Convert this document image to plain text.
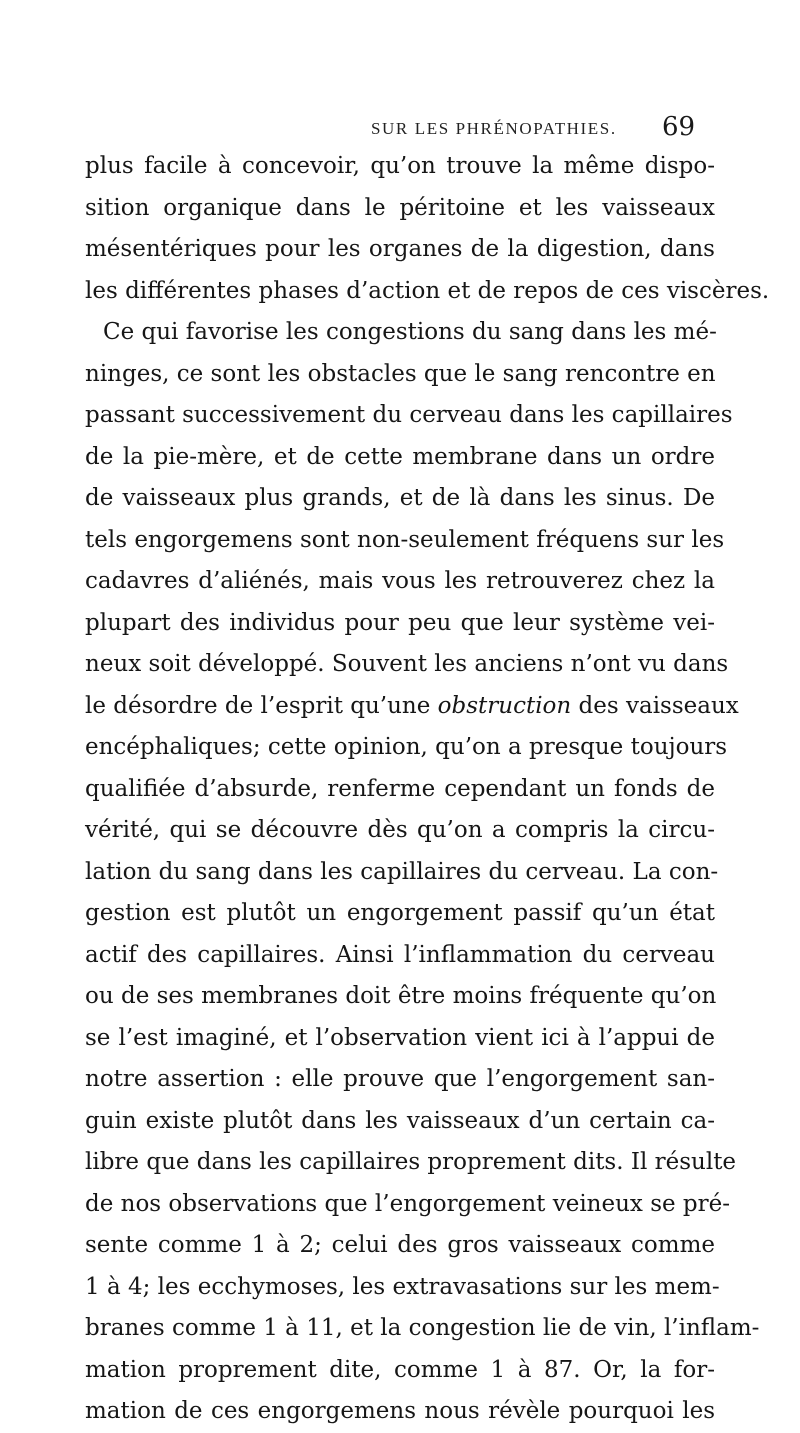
SUR LES PHRÉNOPATHIES. 69
plus facile à concevoir, qu’on trouve la même dispo-
sition organique dans le péritoine et les vaisseaux
mésentériques pour les organes de la digestion, dans
les différentes phases d’action et de repos de ces viscères.
Ce qui favorise les congestions du sang dans les mé-
ninges, ce sont les obstacles que le sang rencontre en
passant successivement du cerveau dans les capillaires
de la pie-mère, et de cette membrane dans un ordre
de vaisseaux plus grands, et de là dans les sinus. De
tels engorgemens sont non-seulement fréquens sur les
cadavres d’aliénés, mais vous les retrouverez chez la
plupart des individus pour peu que leur système vei-
neux soit développé. Souvent les anciens n’ont vu dans
le désordre de l’esprit qu’une obstruction des vaisseaux
encéphaliques; cette opinion, qu’on a presque toujours
qualifiée d’absurde, renferme cependant un fonds de
vérité, qui se découvre dès qu’on a compris la circu-
lation du sang dans les capillaires du cerveau. La con-
gestion est plutôt un engorgement passif qu’un état
actif des capillaires. Ainsi l’inflammation du cerveau
ou de ses membranes doit être moins fréquente qu’on
se l’est imaginé, et l’observation vient ici à l’appui de
notre assertion : elle prouve que l’engorgement san-
guin existe plutôt dans les vaisseaux d’un certain ca-
libre que dans les capillaires proprement dits. Il résulte
de nos observations que l’engorgement veineux se pré-
sente comme 1 à 2; celui des gros vaisseaux comme
1 à 4; les ecchymoses, les extravasations sur les mem-
branes comme 1 à 11, et la congestion lie de vin, l’inflam-
mation proprement dite, comme 1 à 87. Or, la for-
mation de ces engorgemens nous révèle pourquoi les
